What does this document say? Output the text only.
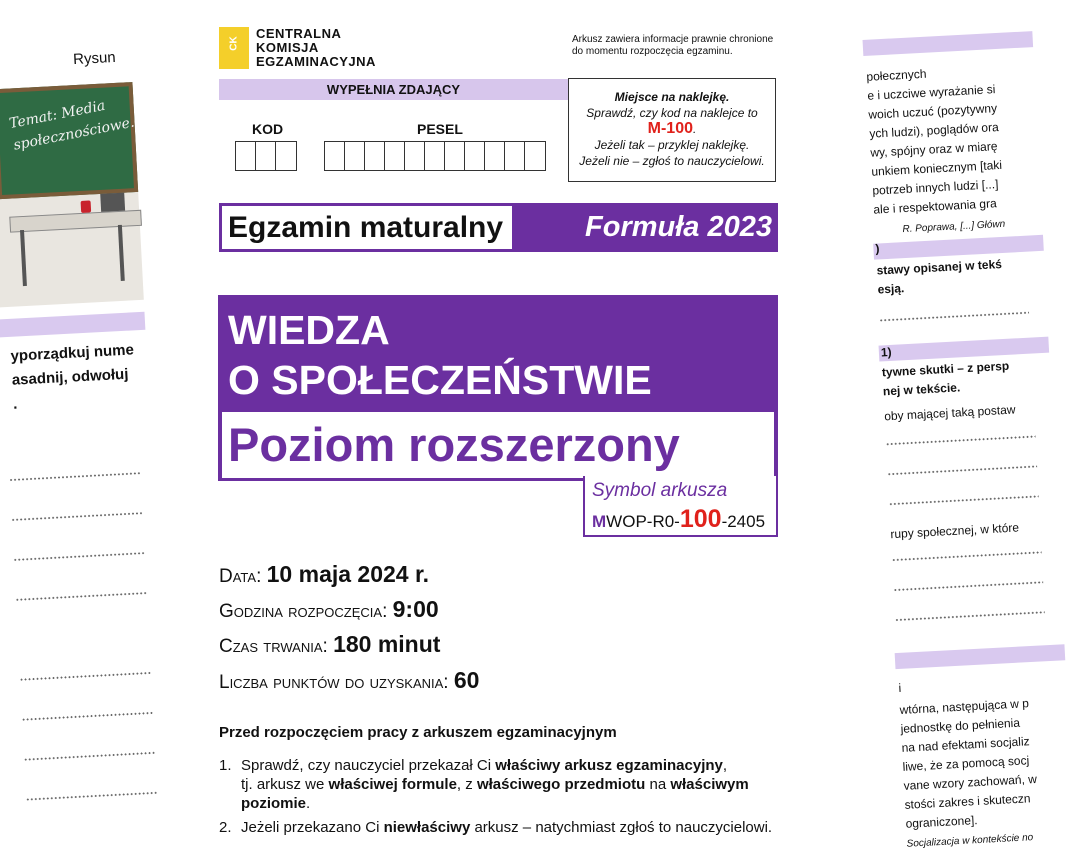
Rysun
Temat: Media
społecznościowe.
yporządkuj nume
asadnij, odwołuj
.
połecznych
e i uczciwe wyrażanie si
woich uczuć (pozytywny
ych ludzi), poglądów ora
wy, spójny oraz w miarę
unkiem koniecznym [taki
potrzeb innych ludzi [...]
ale i respektowania gra
R. Poprawa, [...] Główn
)
stawy opisanej w tekś
esją.
1)
tywne skutki – z persp
nej w tekście.
oby mającej taką postaw
rupy społecznej, w które
i
wtórna, następująca w p
jednostkę do pełnienia
na nad efektami socjaliz
liwe, że za pomocą socj
vane wzory zachowań, w
stości zakres i skuteczn
ograniczone].
Socjalizacja w kontekście no
CK
CENTRALNA
KOMISJA
EGZAMINACYJNA
Arkusz zawiera informacje prawnie chronione
do momentu rozpoczęcia egzaminu.
WYPEŁNIA ZDAJĄCY
KOD	PESEL
Miejsce na naklejkę.
Sprawdź, czy kod na naklejce to
M-100.
Jeżeli tak – przyklej naklejkę.
Jeżeli nie – zgłoś to nauczycielowi.
Egzamin maturalny	Formuła 2023
WIEDZA
O SPOŁECZEŃSTWIE
Poziom rozszerzony
Symbol arkusza
MWOP-R0-100-2405
Data: 10 maja 2024 r.
Godzina rozpoczęcia: 9:00
Czas trwania: 180 minut
Liczba punktów do uzyskania: 60
Przed rozpoczęciem pracy z arkuszem egzaminacyjnym
1. Sprawdź, czy nauczyciel przekazał Ci właściwy arkusz egzaminacyjny,
tj. arkusz we właściwej formule, z właściwego przedmiotu na właściwym
poziomie.
2. Jeżeli przekazano Ci niewłaściwy arkusz – natychmiast zgłoś to nauczycielowi.
